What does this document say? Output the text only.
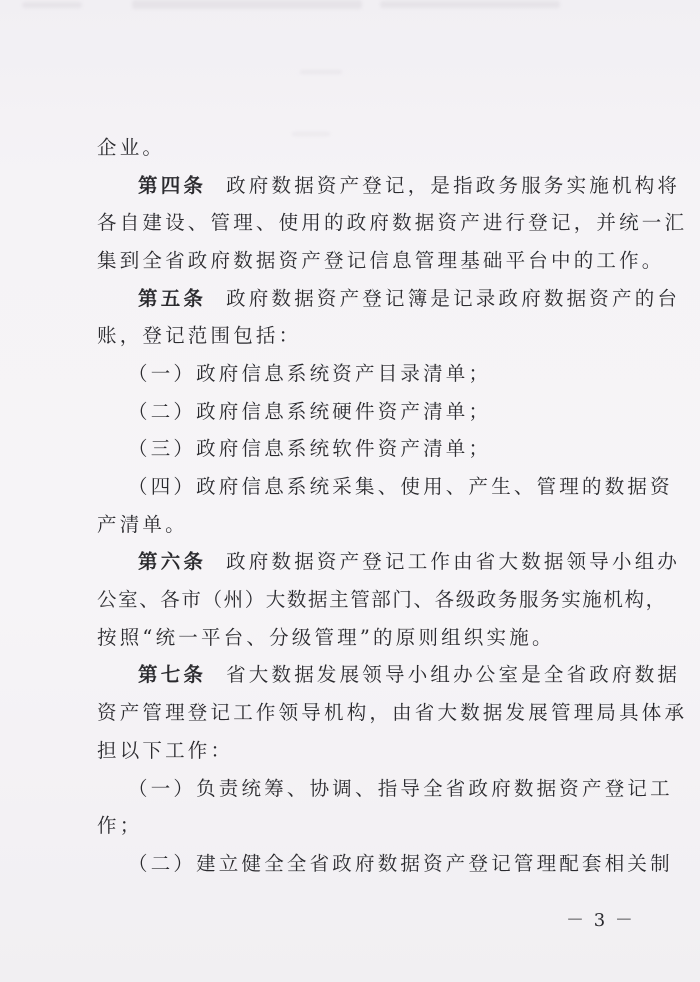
企业。
第四条 政府数据资产登记，是指政务服务实施机构将
各自建设、管理、使用的政府数据资产进行登记，并统一汇
集到全省政府数据资产登记信息管理基础平台中的工作。
第五条 政府数据资产登记簿是记录政府数据资产的台
账，登记范围包括：
（一）政府信息系统资产目录清单；
（二）政府信息系统硬件资产清单；
（三）政府信息系统软件资产清单；
（四）政府信息系统采集、使用、产生、管理的数据资
产清单。
第六条 政府数据资产登记工作由省大数据领导小组办
公室、各市（州）大数据主管部门、各级政务服务实施机构，
按照“统一平台、分级管理”的原则组织实施。
第七条 省大数据发展领导小组办公室是全省政府数据
资产管理登记工作领导机构，由省大数据发展管理局具体承
担以下工作：
（一）负责统筹、协调、指导全省政府数据资产登记工
作；
（二）建立健全全省政府数据资产登记管理配套相关制
－ 3 －
